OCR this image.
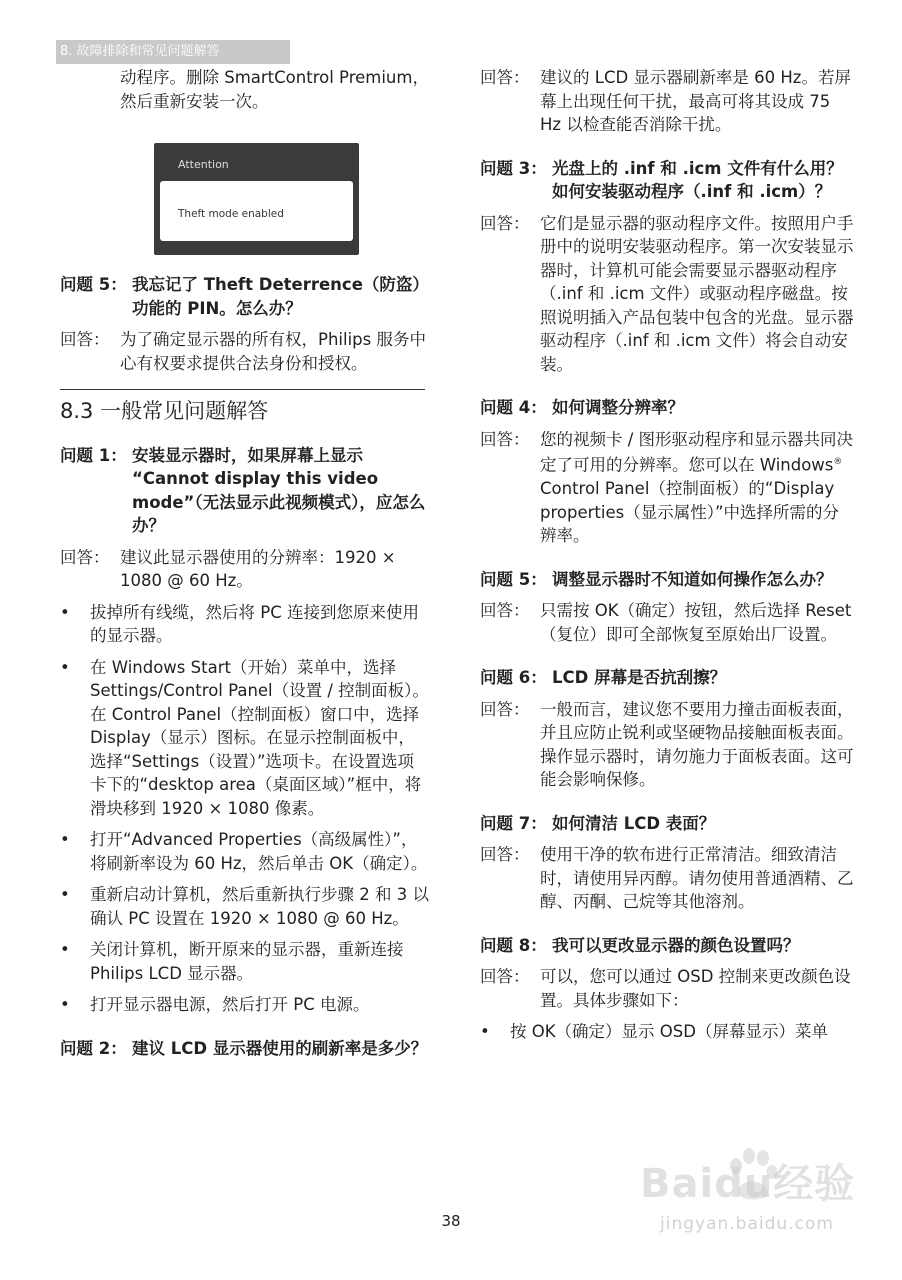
8. 故障排除和常见问题解答

动程序。删除 SmartControl Premium，然后重新安装一次。

Attention
Theft mode enabled
问题 5： 我忘记了 Theft Deterrence（防盗）功能的 PIN。怎么办？
回答： 为了确定显示器的所有权，Philips 服务中心有权要求提供合法身份和授权。
8.3 一般常见问题解答
问题 1： 安装显示器时，如果屏幕上显示 “Cannot display this video mode”（无法显示此视频模式），应怎么办？
回答： 建议此显示器使用的分辨率：1920 × 1080 @ 60 Hz。
•	拔掉所有线缆，然后将 PC 连接到您原来使用的显示器。
•	在 Windows Start（开始）菜单中，选择 Settings/Control Panel（设置 / 控制面板）。在 Control Panel（控制面板）窗口中，选择 Display（显示）图标。在显示控制面板中，选择“Settings（设置）”选项卡。在设置选项卡下的“desktop area（桌面区域）”框中，将滑块移到 1920 × 1080 像素。
•	打开“Advanced Properties（高级属性）”，将刷新率设为 60 Hz，然后单击 OK（确定）。
•	重新启动计算机，然后重新执行步骤 2 和 3 以确认 PC 设置在 1920 × 1080 @ 60 Hz。
•	关闭计算机，断开原来的显示器，重新连接 Philips LCD 显示器。
•	打开显示器电源，然后打开 PC 电源。
问题 2： 建议 LCD 显示器使用的刷新率是多少？
回答： 建议的 LCD 显示器刷新率是 60 Hz。若屏幕上出现任何干扰，最高可将其设成 75 Hz 以检查能否消除干扰。
问题 3： 光盘上的 .inf 和 .icm 文件有什么用？如何安装驱动程序（.inf 和 .icm）？
回答： 它们是显示器的驱动程序文件。按照用户手册中的说明安装驱动程序。第一次安装显示器时，计算机可能会需要显示器驱动程序（.inf 和 .icm 文件）或驱动程序磁盘。按照说明插入产品包装中包含的光盘。显示器驱动程序（.inf 和 .icm 文件）将会自动安装。
问题 4： 如何调整分辨率？
回答： 您的视频卡 / 图形驱动程序和显示器共同决定了可用的分辨率。您可以在 Windows® Control Panel（控制面板）的“Display properties（显示属性）”中选择所需的分辨率。
问题 5： 调整显示器时不知道如何操作怎么办？
回答： 只需按 OK（确定）按钮，然后选择 Reset（复位）即可全部恢复至原始出厂设置。
问题 6： LCD 屏幕是否抗刮擦？
回答： 一般而言，建议您不要用力撞击面板表面，并且应防止锐利或坚硬物品接触面板表面。操作显示器时，请勿施力于面板表面。这可能会影响保修。
问题 7： 如何清洁 LCD 表面？
回答： 使用干净的软布进行正常清洁。细致清洁时，请使用异丙醇。请勿使用普通酒精、乙醇、丙酮、己烷等其他溶剂。
问题 8： 我可以更改显示器的颜色设置吗？
回答： 可以，您可以通过 OSD 控制来更改颜色设置。具体步骤如下：
•	按 OK（确定）显示 OSD（屏幕显示）菜单
38
Baidu经验
jingyan.baidu.com
